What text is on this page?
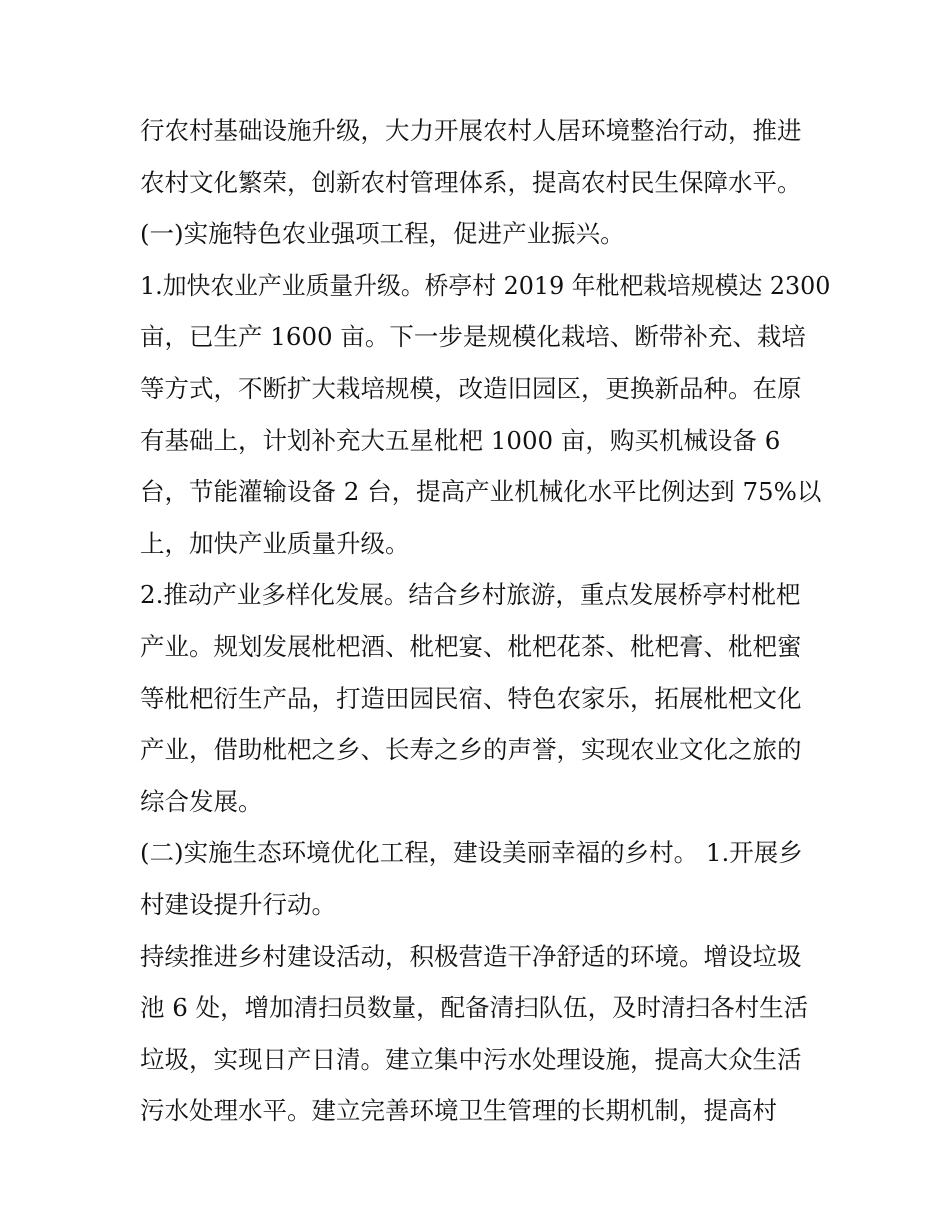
行农村基础设施升级，大力开展农村人居环境整治行动，推进
农村文化繁荣，创新农村管理体系，提高农村民生保障水平。
(一)实施特色农业强项工程，促进产业振兴。
1.加快农业产业质量升级。桥亭村 2019 年枇杷栽培规模达 2300
亩，已生产 1600 亩。下一步是规模化栽培、断带补充、栽培
等方式，不断扩大栽培规模，改造旧园区，更换新品种。在原
有基础上，计划补充大五星枇杷 1000 亩，购买机械设备 6
台，节能灌输设备 2 台，提高产业机械化水平比例达到 75%以
上，加快产业质量升级。
2.推动产业多样化发展。结合乡村旅游，重点发展桥亭村枇杷
产业。规划发展枇杷酒、枇杷宴、枇杷花茶、枇杷膏、枇杷蜜
等枇杷衍生产品，打造田园民宿、特色农家乐，拓展枇杷文化
产业，借助枇杷之乡、长寿之乡的声誉，实现农业文化之旅的
综合发展。
(二)实施生态环境优化工程，建设美丽幸福的乡村。 1.开展乡
村建设提升行动。
持续推进乡村建设活动，积极营造干净舒适的环境。增设垃圾
池 6 处，增加清扫员数量，配备清扫队伍，及时清扫各村生活
垃圾，实现日产日清。建立集中污水处理设施，提高大众生活
污水处理水平。建立完善环境卫生管理的长期机制，提高村
